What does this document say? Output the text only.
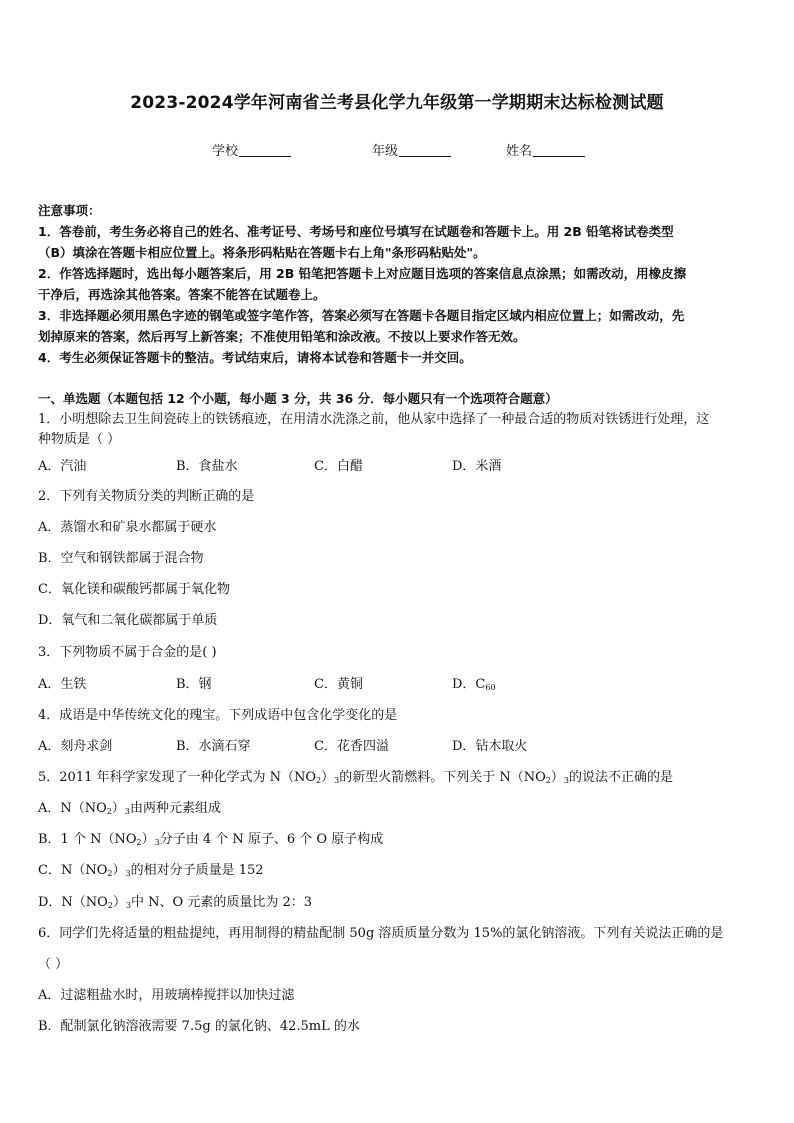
2023-2024学年河南省兰考县化学九年级第一学期期末达标检测试题
学校	年级	姓名
注意事项：
1．答卷前，考生务必将自己的姓名、准考证号、考场号和座位号填写在试题卷和答题卡上。用 2B 铅笔将试卷类型
（B）填涂在答题卡相应位置上。将条形码粘贴在答题卡右上角"条形码粘贴处"。
2．作答选择题时，选出每小题答案后，用 2B 铅笔把答题卡上对应题目选项的答案信息点涂黑；如需改动，用橡皮擦
干净后，再选涂其他答案。答案不能答在试题卷上。
3．非选择题必须用黑色字迹的钢笔或签字笔作答，答案必须写在答题卡各题目指定区域内相应位置上；如需改动，先
划掉原来的答案，然后再写上新答案；不准使用铅笔和涂改液。不按以上要求作答无效。
4．考生必须保证答题卡的整洁。考试结束后，请将本试卷和答题卡一并交回。
一、单选题（本题包括 12 个小题，每小题 3 分，共 36 分．每小题只有一个选项符合题意）
1．小明想除去卫生间瓷砖上的铁锈痕迹，在用清水洗涤之前，他从家中选择了一种最合适的物质对铁锈进行处理，这
种物质是（ ）
A．汽油	B．食盐水	C．白醋	D．米酒
2．下列有关物质分类的判断正确的是
A．蒸馏水和矿泉水都属于硬水
B．空气和钢铁都属于混合物
C．氧化镁和碳酸钙都属于氧化物
D．氧气和二氧化碳都属于单质
3．下列物质不属于合金的是( )
A．生铁	B．钢	C．黄铜	D．$C_{60}$
4．成语是中华传统文化的瑰宝。下列成语中包含化学变化的是
A．刻舟求剑	B．水滴石穿	C．花香四溢	D．钻木取火
5．2011 年科学家发现了一种化学式为 $N(NO_2)_3$的新型火箭燃料。下列关于 $N(NO_2)_3$的说法不正确的是
A．$N(NO_2)_3$由两种元素组成
B．1 个 $N(NO_2)_3$分子由 4 个 N 原子、6 个 O 原子构成
C．$N(NO_2)_3$的相对分子质量是 152
D．$N(NO_2)_3$中 N、O 元素的质量比为 2：3
6．同学们先将适量的粗盐提纯，再用制得的精盐配制 50g 溶质质量分数为 15%的氯化钠溶液。下列有关说法正确的是
（ ）
A．过滤粗盐水时，用玻璃棒搅拌以加快过滤
B．配制氯化钠溶液需要 7.5g 的氯化钠、42.5mL 的水
